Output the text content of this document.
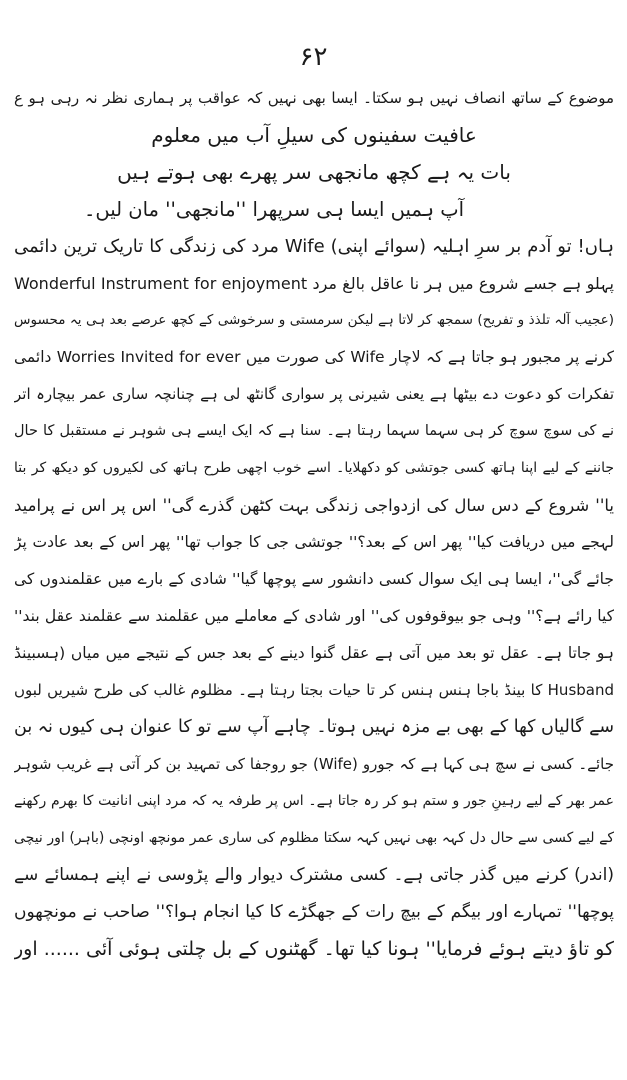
۶۲
موضوع کے ساتھ انصاف نہیں ہو سکتا۔ ایسا بھی نہیں کہ عواقب پر ہماری نظر نہ رہی ہو ع
عافیت سفینوں کی سیلِ آب میں معلوم
بات یہ ہے کچھ مانجھی سر پھرے بھی ہوتے ہیں
آپ ہمیں ایسا ہی سرپھرا ''مانجھی'' مان لیں۔
ہاں! تو آدم بر سرِ اہلیہ (سوائے اپنی) Wife مرد کی زندگی کا تاریک ترین دائمی
پہلو ہے جسے شروع میں ہر نا عاقل بالغ مرد Wonderful Instrument for enjoyment
(عجیب آلہ تلذذ و تفریح) سمجھ کر لاتا ہے لیکن سرمستی و سرخوشی کے کچھ عرصے بعد ہی یہ محسوس
کرنے پر مجبور ہو جاتا ہے کہ لاچار Wife کی صورت میں Worries Invited for ever دائمی
تفکرات کو دعوت دے بیٹھا ہے یعنی شیرنی پر سواری گانٹھ لی ہے چنانچہ ساری عمر بیچارہ اتر
نے کی سوچ سوچ کر ہی سہما سہما رہتا ہے۔ سنا ہے کہ ایک ایسے ہی شوہر نے مستقبل کا حال
جاننے کے لیے اپنا ہاتھ کسی جوتشی کو دکھلایا۔ اسے خوب اچھی طرح ہاتھ کی لکیروں کو دیکھ کر بتا
یا'' شروع کے دس سال کی ازدواجی زندگی بہت کٹھن گذرے گی'' اس پر اس نے پرامید
لہجے میں دریافت کیا'' پھر اس کے بعد؟'' جوتشی جی کا جواب تھا'' پھر اس کے بعد عادت پڑ
جائے گی''، ایسا ہی ایک سوال کسی دانشور سے پوچھا گیا'' شادی کے بارے میں عقلمندوں کی
کیا رائے ہے؟'' وہی جو بیوقوفوں کی'' اور شادی کے معاملے میں عقلمند سے عقلمند عقل بند''
ہو جاتا ہے۔ عقل تو بعد میں آتی ہے عقل گنوا دینے کے بعد جس کے نتیجے میں میاں (ہسبینڈ
Husband کا بینڈ باجا ہنس ہنس کر تا حیات بجتا رہتا ہے۔ مظلوم غالب کی طرح شیریں لبوں
سے گالیاں کھا کے بھی بے مزہ نہیں ہوتا۔ چاہے آپ سے تو کا عنوان ہی کیوں نہ بن
جائے۔ کسی نے سچ ہی کہا ہے کہ جورو (Wife) جو روجفا کی تمہید بن کر آتی ہے غریب شوہر
عمر بھر کے لیے رہینِ جور و ستم ہو کر رہ جاتا ہے۔ اس پر طرفہ یہ کہ مرد اپنی انانیت کا بھرم رکھنے
کے لیے کسی سے حال دل کہہ بھی نہیں کہہ سکتا مظلوم کی ساری عمر مونچھ اونچی (باہر) اور نیچی
(اندر) کرنے میں گذر جاتی ہے۔ کسی مشترک دیوار والے پڑوسی نے اپنے ہمسائے سے
پوچھا'' تمہارے اور بیگم کے بیچ رات کے جھگڑے کا کیا انجام ہوا؟'' صاحب نے مونچھوں
کو تاؤ دیتے ہوئے فرمایا'' ہونا کیا تھا۔ گھٹنوں کے بل چلتی ہوئی آئی ...... اور
